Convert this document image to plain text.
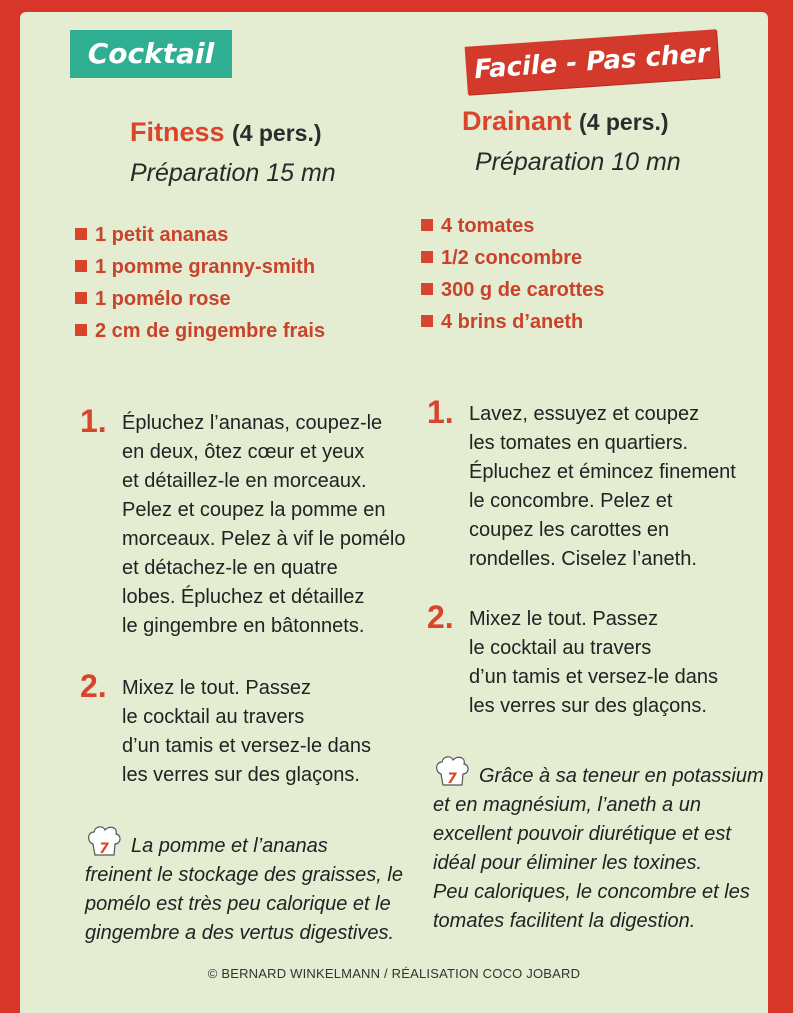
Cocktail	Facile - Pas cher
Fitness (4 pers.)
Préparation 15 mn
1 petit ananas
1 pomme granny-smith
1 pomélo rose
2 cm de gingembre frais
1. Épluchez l’ananas, coupez-le
en deux, ôtez cœur et yeux
et détaillez-le en morceaux.
Pelez et coupez la pomme en
morceaux. Pelez à vif le pomélo
et détachez-le en quatre
lobes. Épluchez et détaillez
le gingembre en bâtonnets.
2. Mixez le tout. Passez
le cocktail au travers
d’un tamis et versez-le dans
les verres sur des glaçons.
7 La pomme et l’ananas
freinent le stockage des graisses, le
pomélo est très peu calorique et le
gingembre a des vertus digestives.
Drainant (4 pers.)
Préparation 10 mn
4 tomates
1/2 concombre
300 g de carottes
4 brins d’aneth
1. Lavez, essuyez et coupez
les tomates en quartiers.
Épluchez et émincez finement
le concombre. Pelez et
coupez les carottes en
rondelles. Ciselez l’aneth.
2. Mixez le tout. Passez
le cocktail au travers
d’un tamis et versez-le dans
les verres sur des glaçons.
7 Grâce à sa teneur en potassium
et en magnésium, l’aneth a un
excellent pouvoir diurétique et est
idéal pour éliminer les toxines.
Peu caloriques, le concombre et les
tomates facilitent la digestion.
© BERNARD WINKELMANN / RÉALISATION COCO JOBARD
